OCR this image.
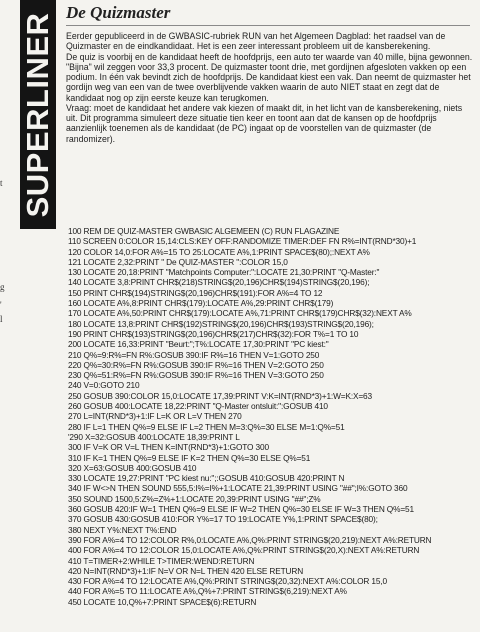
SUPERLINER
t
g
'
l
De Quizmaster

Eerder gepubliceerd in de GWBASIC-rubriek RUN van het Algemeen Dagblad: het raadsel van de Quizmaster en de eindkandidaat. Het is een zeer interessant probleem uit de kansberekening.

De quiz is voorbij en de kandidaat heeft de hoofdprijs, een auto ter waarde van 40 mille, bijna gewonnen. "Bijna" wil zeggen voor 33,3 procent. De quizmaster toont drie, met gordijnen afgesloten vakken op een podium. In één vak bevindt zich de hoofdprijs. De kandidaat kiest een vak. Dan neemt de quizmaster het gordijn weg van een van de twee overblijvende vakken waarin de auto NIET staat en zegt dat de kandidaat nog op zijn eerste keuze kan terugkomen.

Vraag: moet de kandidaat het andere vak kiezen of maakt dit, in het licht van de kansberekening, niets uit. Dit programma simuleert deze situatie tien keer en toont aan dat de kansen op de hoofdprijs aanzienlijk toenemen als de kandidaat (de PC) ingaat op de voorstellen van de quizmaster (de randomizer).

100 REM DE QUIZ-MASTER GWBASIC ALGEMEEN (C) RUN FLAGAZINE
110 SCREEN 0:COLOR 15,14:CLS:KEY OFF:RANDOMIZE TIMER:DEF FN R%=INT(RND*30)+1
120 COLOR 14,0:FOR A%=15 TO 25:LOCATE A%,1:PRINT SPACE$(80);:NEXT A%
121 LOCATE 2,32:PRINT " De QUIZ-MASTER ":COLOR 15,0
130 LOCATE 20,18:PRINT "Matchpoints Computer:":LOCATE 21,30:PRINT "Q-Master:"
140 LOCATE 3,8:PRINT CHR$(218)STRING$(20,196)CHR$(194)STRING$(20,196);
150 PRINT CHR$(194)STRING$(20,196)CHR$(191):FOR A%=4 TO 12
160 LOCATE A%,8:PRINT CHR$(179):LOCATE A%,29:PRINT CHR$(179)
170 LOCATE A%,50:PRINT CHR$(179):LOCATE A%,71:PRINT CHR$(179)CHR$(32):NEXT A%
180 LOCATE 13,8:PRINT CHR$(192)STRING$(20,196)CHR$(193)STRING$(20,196);
190 PRINT CHR$(193)STRING$(20,196)CHR$(217)CHR$(32):FOR T%=1 TO 10
200 LOCATE 16,33:PRINT "Beurt:";T%:LOCATE 17,30:PRINT "PC kiest:"
210 Q%=9:R%=FN R%:GOSUB 390:IF R%=16 THEN V=1:GOTO 250
220 Q%=30:R%=FN R%:GOSUB 390:IF R%=16 THEN V=2:GOTO 250
230 Q%=51:R%=FN R%:GOSUB 390:IF R%=16 THEN V=3:GOTO 250
240 V=0:GOTO 210
250 GOSUB 390:COLOR 15,0:LOCATE 17,39:PRINT V:K=INT(RND*3)+1:W=K:X=63
260 GOSUB 400:LOCATE 18,22:PRINT "Q-Master ontsluit:":GOSUB 410
270 L=INT(RND*3)+1:IF L=K OR L=V THEN 270
280 IF L=1 THEN Q%=9 ELSE IF L=2 THEN M=3:Q%=30 ELSE M=1:Q%=51
'290 X=32:GOSUB 400:LOCATE 18,39:PRINT L
300 IF V=K OR V=L THEN K=INT(RND*3)+1:GOTO 300
310 IF K=1 THEN Q%=9 ELSE IF K=2 THEN Q%=30 ELSE Q%=51
320 X=63:GOSUB 400:GOSUB 410
330 LOCATE 19,27:PRINT "PC kiest nu:";:GOSUB 410:GOSUB 420:PRINT N
340 IF W<>N THEN SOUND 555,5:I%=I%+1:LOCATE 21,39:PRINT USING "##";I%:GOTO 360
350 SOUND 1500,5:Z%=Z%+1:LOCATE 20,39:PRINT USING "##";Z%
360 GOSUB 420:IF W=1 THEN Q%=9 ELSE IF W=2 THEN Q%=30 ELSE IF W=3 THEN Q%=51
370 GOSUB 430:GOSUB 410:FOR Y%=17 TO 19:LOCATE Y%,1:PRINT SPACE$(80);
380 NEXT Y%:NEXT T%:END
390 FOR A%=4 TO 12:COLOR R%,0:LOCATE A%,Q%:PRINT STRING$(20,219):NEXT A%:RETURN
400 FOR A%=4 TO 12:COLOR 15,0:LOCATE A%,Q%:PRINT STRING$(20,X):NEXT A%:RETURN
410 T=TIMER+2:WHILE T>TIMER:WEND:RETURN
420 N=INT(RND*3)+1:IF N=V OR N=L THEN 420 ELSE RETURN
430 FOR A%=4 TO 12:LOCATE A%,Q%:PRINT STRING$(20,32):NEXT A%:COLOR 15,0
440 FOR A%=5 TO 11:LOCATE A%,Q%+7:PRINT STRING$(6,219):NEXT A%
450 LOCATE 10,Q%+7:PRINT SPACE$(6):RETURN
